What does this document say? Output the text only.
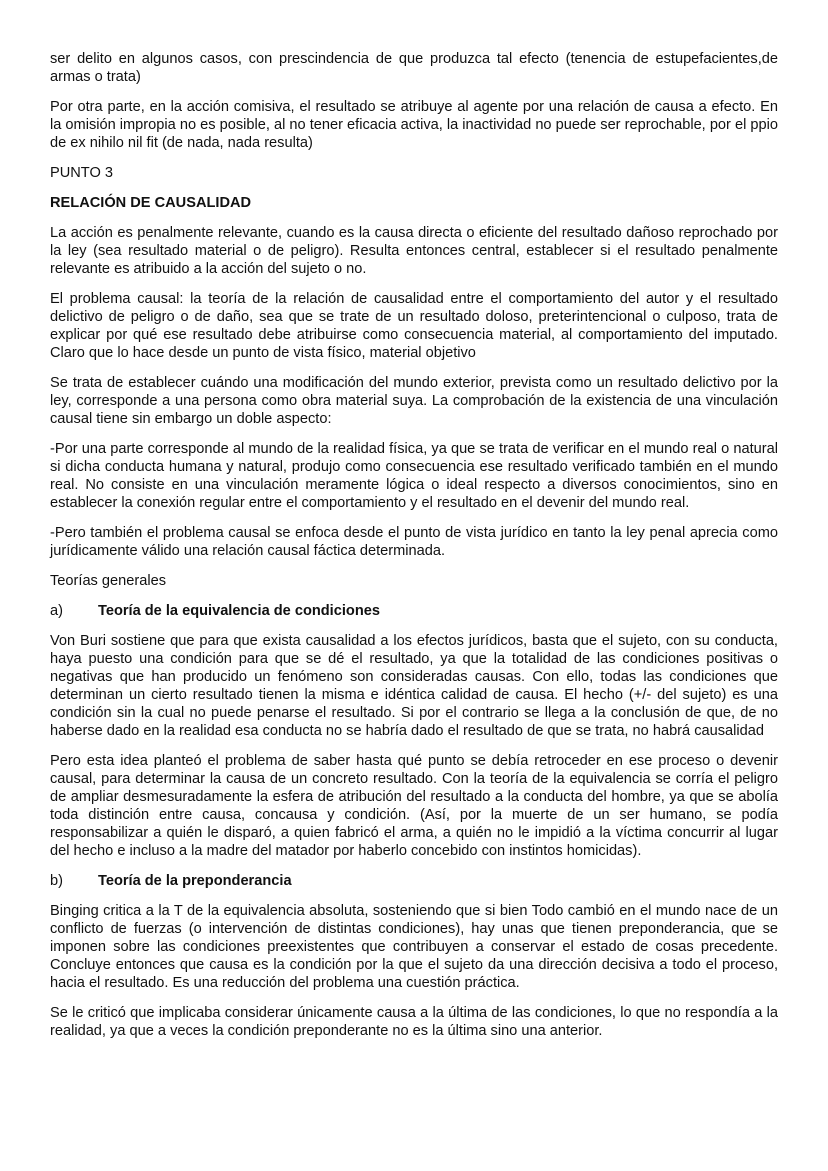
ser delito en algunos casos, con prescindencia de que produzca tal efecto (tenencia de estupefacientes,de armas o trata)

Por otra parte, en la acción comisiva, el resultado se atribuye al agente por una relación de causa a efecto. En la omisión impropia no es posible, al no tener eficacia activa, la inactividad no puede ser reprochable, por el ppio de ex nihilo nil fit (de nada, nada resulta)

PUNTO 3
RELACIÓN DE CAUSALIDAD

La acción es penalmente relevante, cuando es la causa directa o eficiente del resultado dañoso reprochado por la ley (sea resultado material o de peligro). Resulta entonces central, establecer si el resultado penalmente relevante es atribuido a la acción del sujeto o no.

El problema causal: la teoría de la relación de causalidad entre el comportamiento del autor y el resultado delictivo de peligro o de daño, sea que se trate de un resultado doloso, preterintencional o culposo, trata de explicar por qué ese resultado debe atribuirse como consecuencia material, al comportamiento del imputado. Claro que lo hace desde un punto de vista físico, material objetivo

Se trata de establecer cuándo una modificación del mundo exterior, prevista como un resultado delictivo por la ley, corresponde a una persona como obra material suya. La comprobación de la existencia de una vinculación causal tiene sin embargo un doble aspecto:

-Por una parte corresponde al mundo de la realidad física, ya que se trata de verificar en el mundo real o natural si dicha conducta humana y natural, produjo como consecuencia ese resultado verificado también en el mundo real. No consiste en una vinculación meramente lógica o ideal respecto a diversos conocimientos, sino en establecer la conexión regular entre el comportamiento y el resultado en el devenir del mundo real.

-Pero también el problema causal se enfoca desde el punto de vista jurídico en tanto la ley penal aprecia como jurídicamente válido una relación causal fáctica determinada.

Teorías generales
a)	Teoría de la equivalencia de condiciones

Von Buri sostiene que para que exista causalidad a los efectos jurídicos, basta que el sujeto, con su conducta, haya puesto una condición para que se dé el resultado, ya que la totalidad de las condiciones positivas o negativas que han producido un fenómeno son consideradas causas. Con ello, todas las condiciones que determinan un cierto resultado tienen la misma e idéntica calidad de causa. El hecho (+/- del sujeto) es una condición sin la cual no puede penarse el resultado. Si por el contrario se llega a la conclusión de que, de no haberse dado en la realidad esa conducta no se habría dado el resultado de que se trata, no habrá causalidad

Pero esta idea planteó el problema de saber hasta qué punto se debía retroceder en ese proceso o devenir causal, para determinar la causa de un concreto resultado. Con la teoría de la equivalencia se corría el peligro de ampliar desmesuradamente la esfera de atribución del resultado a la conducta del hombre, ya que se abolía toda distinción entre causa, concausa y condición. (Así, por la muerte de un ser humano, se podía responsabilizar a quién le disparó, a quien fabricó el arma, a quién no le impidió a la víctima concurrir al lugar del hecho e incluso a la madre del matador por haberlo concebido con instintos homicidas).

b)	Teoría de la preponderancia

Binging critica a la T de la equivalencia absoluta, sosteniendo que si bien Todo cambió en el mundo nace de un conflicto de fuerzas (o intervención de distintas condiciones), hay unas que tienen preponderancia, que se imponen sobre las condiciones preexistentes que contribuyen a conservar el estado de cosas precedente. Concluye entonces que causa es la condición por la que el sujeto da una dirección decisiva a todo el proceso, hacia el resultado. Es una reducción del problema una cuestión práctica.

Se le criticó que implicaba considerar únicamente causa a la última de las condiciones, lo que no respondía a la realidad, ya que a veces la condición preponderante no es la última sino una anterior.
